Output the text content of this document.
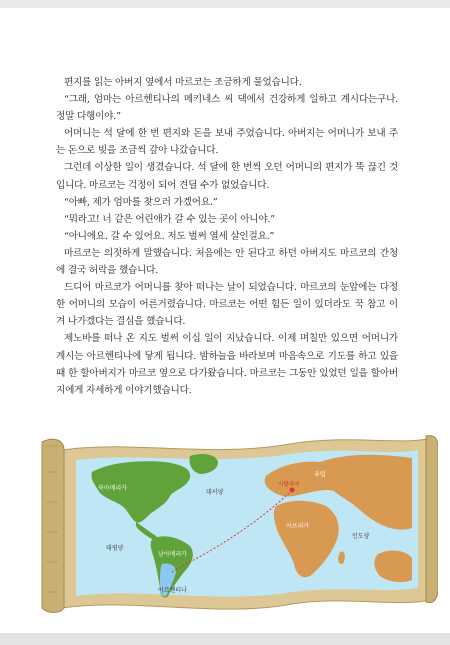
편지를 읽는 아버지 옆에서 마르코는 조금하게 물었습니다.

“그래, 엄마는 아르헨티나의 메키네스 씨 댁에서 건강하게 일하고 계시다는구나. 정말 다행이야.”

어머니는 석 달에 한 번 편지와 돈을 보내 주었습니다. 아버지는 어머니가 보내 주는 돈으로 빚을 조금씩 갚아 나갔습니다.

그런데 이상한 일이 생겼습니다. 석 달에 한 번씩 오던 어머니의 편지가 뚝 끊긴 것입니다. 마르코는 걱정이 되어 견딜 수가 없었습니다.

“아빠, 제가 엄마를 찾으러 가겠어요.”

“뭐라고! 너 같은 어린애가 갈 수 있는 곳이 아니야.”

“아니에요. 갈 수 있어요. 저도 벌써 열세 살인걸요.”

마르코는 의젓하게 말했습니다. 처음에는 안 된다고 하던 아버지도 마르코의 간청에 결국 허락을 했습니다.

드디어 마르코가 어머니를 찾아 떠나는 날이 되었습니다. 마르코의 눈앞에는 다정한 어머니의 모습이 어른거렸습니다. 마르코는 어떤 힘든 일이 있더라도 꾹 참고 이겨 나가겠다는 결심을 했습니다.

제노바를 떠나 온 지도 벌써 이십 일이 지났습니다. 이제 며칠만 있으면 어머니가 계시는 아르헨티나에 닿게 됩니다. 밤하늘을 바라보며 마음속으로 기도를 하고 있을 때 한 할아버지가 마르코 옆으로 다가왔습니다. 마르코는 그동안 있었던 일을 할아버지에게 자세하게 이야기했습니다.

북아메리카
대서양
이탈리아
유럽
아프리카
태평양
남아메리카
인도양
아르헨티나
